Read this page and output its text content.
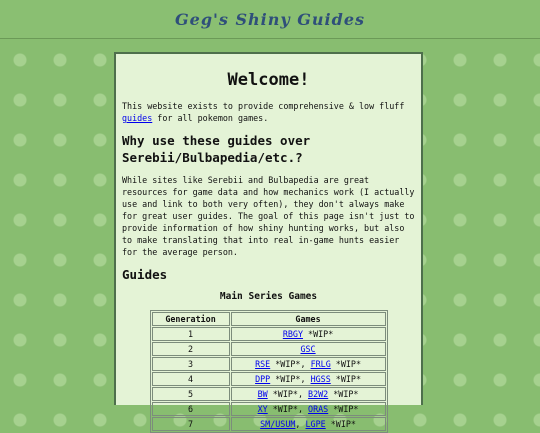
Geg's Shiny Guides
Welcome!

This website exists to provide comprehensive & low fluff guides for all pokemon games.

Why use these guides over Serebii/Bulbapedia/etc.?

While sites like Serebii and Bulbapedia are great resources for game data and how mechanics work (I actually use and link to both very often), they don't always make for great user guides. The goal of this page isn't just to provide information of how shiny hunting works, but also to make translating that into real in-game hunts easier for the average person.

Guides
Main Series Games
Generation	Games
1	RBGY *WIP*
2	GSC
3	RSE *WIP*, FRLG *WIP*
4	DPP *WIP*, HGSS *WIP*
5	BW *WIP*, B2W2 *WIP*
6	XY *WIP*, ORAS *WIP*
7	SM/USUM, LGPE *WIP*
